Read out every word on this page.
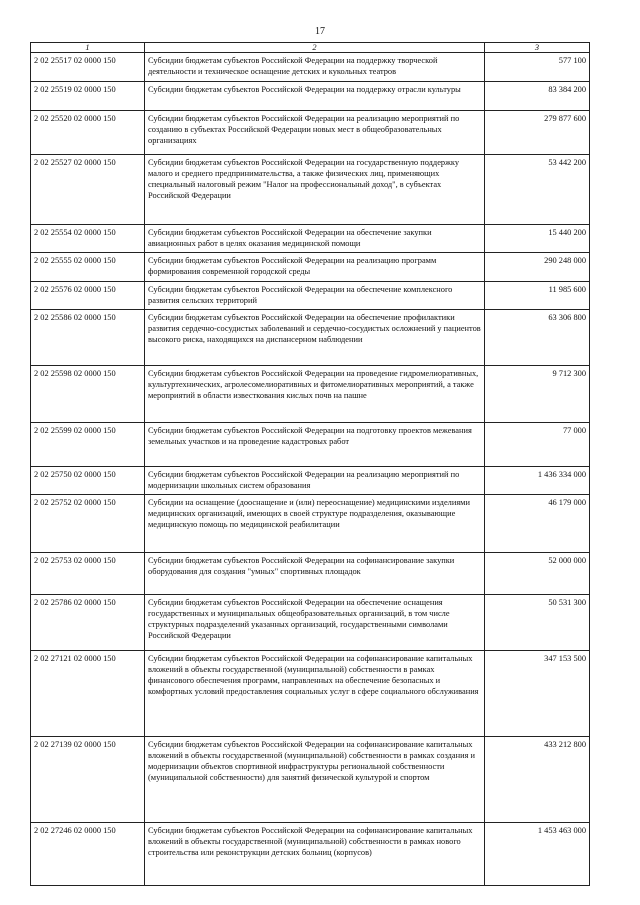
17
1	2	3
2 02 25517 02 0000 150	Субсидии бюджетам субъектов Российской Федерации на поддержку творческой деятельности и техническое оснащение детских и кукольных театров	577 100
2 02 25519 02 0000 150	Субсидии бюджетам субъектов Российской Федерации на поддержку отрасли культуры	83 384 200
2 02 25520 02 0000 150	Субсидии бюджетам субъектов Российской Федерации на реализацию мероприятий по созданию в субъектах Российской Федерации новых мест в общеобразовательных организациях	279 877 600
2 02 25527 02 0000 150	Субсидии бюджетам субъектов Российской Федерации на государственную поддержку малого и среднего предпринимательства, а также физических лиц, применяющих специальный налоговый режим "Налог на профессиональный доход", в субъектах Российской Федерации	53 442 200
2 02 25554 02 0000 150	Субсидии бюджетам субъектов Российской Федерации на обеспечение закупки авиационных работ в целях оказания медицинской помощи	15 440 200
2 02 25555 02 0000 150	Субсидии бюджетам субъектов Российской Федерации на реализацию программ формирования современной городской среды	290 248 000
2 02 25576 02 0000 150	Субсидии бюджетам субъектов Российской Федерации на обеспечение комплексного развития сельских территорий	11 985 600
2 02 25586 02 0000 150	Субсидии бюджетам субъектов Российской Федерации на обеспечение профилактики развития сердечно-сосудистых заболеваний и сердечно-сосудистых осложнений у пациентов высокого риска, находящихся на диспансерном наблюдении	63 306 800
2 02 25598 02 0000 150	Субсидии бюджетам субъектов Российской Федерации на проведение гидромелиоративных, культуртехнических, агролесомелиоративных и фитомелиоративных мероприятий, а также мероприятий в области известкования кислых почв на пашне	9 712 300
2 02 25599 02 0000 150	Субсидии бюджетам субъектов Российской Федерации на подготовку проектов межевания земельных участков и на проведение кадастровых работ	77 000
2 02 25750 02 0000 150	Субсидии бюджетам субъектов Российской Федерации на реализацию мероприятий по модернизации школьных систем образования	1 436 334 000
2 02 25752 02 0000 150	Субсидии на оснащение (дооснащение и (или) переоснащение) медицинскими изделиями медицинских организаций, имеющих в своей структуре подразделения, оказывающие медицинскую помощь по медицинской реабилитации	46 179 000
2 02 25753 02 0000 150	Субсидии бюджетам субъектов Российской Федерации на софинансирование закупки оборудования для создания "умных" спортивных площадок	52 000 000
2 02 25786 02 0000 150	Субсидии бюджетам субъектов Российской Федерации на обеспечение оснащения государственных и муниципальных общеобразовательных организаций, в том числе структурных подразделений указанных организаций, государственными символами Российской Федерации	50 531 300
2 02 27121 02 0000 150	Субсидии бюджетам субъектов Российской Федерации на софинансирование капитальных вложений в объекты государственной (муниципальной) собственности в рамках финансового обеспечения программ, направленных на обеспечение безопасных и комфортных условий предоставления социальных услуг в сфере социального обслуживания	347 153 500
2 02 27139 02 0000 150	Субсидии бюджетам субъектов Российской Федерации на софинансирование капитальных вложений в объекты государственной (муниципальной) собственности в рамках создания и модернизации объектов спортивной инфраструктуры региональной собственности (муниципальной собственности) для занятий физической культурой и спортом	433 212 800
2 02 27246 02 0000 150	Субсидии бюджетам субъектов Российской Федерации на софинансирование капитальных вложений в объекты государственной (муниципальной) собственности в рамках нового строительства или реконструкции детских больниц (корпусов)	1 453 463 000
